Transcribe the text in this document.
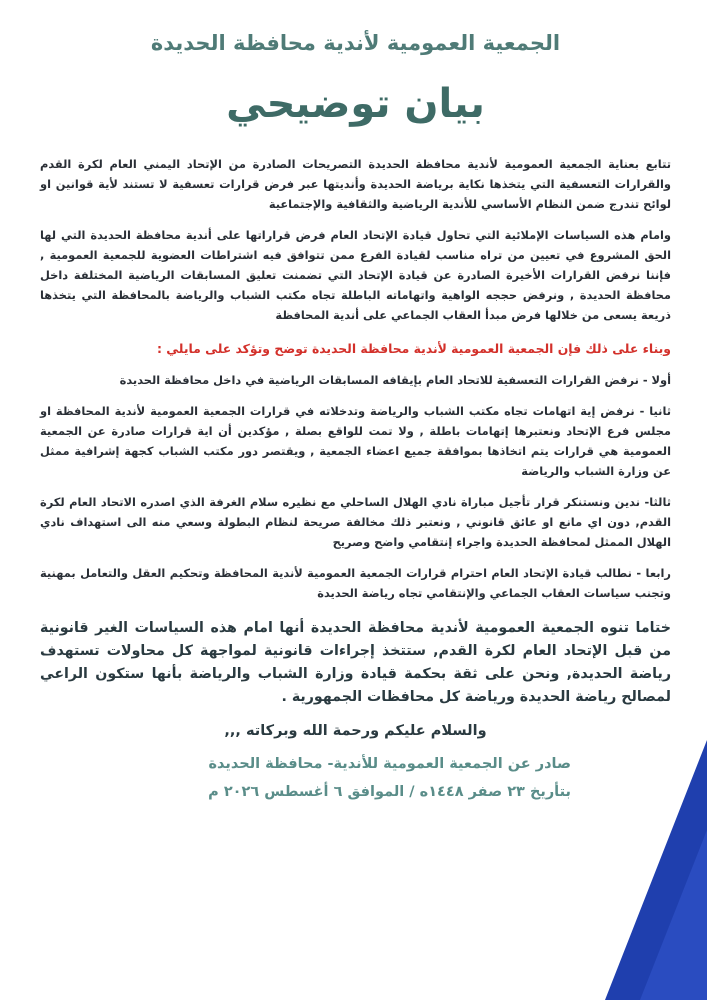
الجمعية العمومية لأندية محافظة الحديدة
بيان توضيحي

تتابع بعناية الجمعية العمومية لأندية محافظة الحديدة التصريحات الصادرة من الإتحاد اليمني العام لكرة القدم والقرارات التعسفية التي يتخذها نكاية برياضة الحديدة وأنديتها عبر فرض قرارات تعسفية لا تستند لأية قوانين او لوائح تندرج ضمن النظام الأساسي للأندية الرياضية والثقافية والإجتماعية

وامام هذه السياسات الإملائية التي تحاول قيادة الإتحاد العام فرض قراراتها على أندية محافظة الحديدة التي لها الحق المشروع في تعيين من تراه مناسب لقيادة الفرع ممن تتوافق فيه اشتراطات العضوية للجمعية العمومية , فإننا نرفض القرارات الأخيرة الصادرة عن قيادة الإتحاد التي تضمنت تعليق المسابقات الرياضية المختلفة داخل محافظة الحديدة , ونرفض حججه الواهية واتهاماته الباطلة تجاه مكتب الشباب والرياضة بالمحافظة التي يتخذها ذريعة يسعى من خلالها فرض مبدأ العقاب الجماعي على أندية المحافظة

وبناء على ذلك فإن الجمعية العمومية لأندية محافظة الحديدة توضح وتؤكد على مايلي :

أولا - نرفض القرارات التعسفية للاتحاد العام بإيقافه المسابقات الرياضية في داخل محافظة الحديدة

ثانيا - نرفض إية اتهامات تجاه مكتب الشباب والرياضة وتدخلاته في قرارات الجمعية العمومية لأندية المحافظة او مجلس فرع الإتحاد ونعتبرها إتهامات باطلة , ولا تمت للواقع بصلة , مؤكدين أن اية قرارات صادرة عن الجمعية العمومية هي قرارات يتم اتخاذها بموافقة جميع اعضاء الجمعية , ويقتصر دور مكتب الشباب كجهة إشرافية ممثل عن وزارة الشباب والرياضة

ثالثا- ندين ونستنكر قرار تأجيل مباراة نادي الهلال الساحلي مع نظيره سلام الغرفة الذي اصدره الاتحاد العام لكرة القدم, دون اي مانع او عائق قانوني , ونعتبر ذلك مخالفة صريحة لنظام البطولة وسعي منه الى استهداف نادي الهلال الممثل لمحافظة الحديدة واجراء إنتقامي واضح وصريح

رابعا - نطالب قيادة الإتحاد العام احترام قرارات الجمعية العمومية لأندية المحافظة وتحكيم العقل والتعامل بمهنية وتجنب سياسات العقاب الجماعي والإنتقامي تجاه رياضة الحديدة

ختاما تنوه الجمعية العمومية لأندية محافظة الحديدة أنها امام هذه السياسات الغير قانونية من قبل الإتحاد العام لكرة القدم, ستتخذ إجراءات قانونية لمواجهة كل محاولات تستهدف رياضة الحديدة, ونحن على ثقة بحكمة قيادة وزارة الشباب والرياضة بأنها ستكون الراعي لمصالح رياضة الحديدة ورياضة كل محافظات الجمهورية .

والسلام عليكم ورحمة الله وبركاته ,,,
صادر عن الجمعية العمومية للأندية- محافظة الحديدة
بتأريخ ٢٣ صفر ١٤٤٨ه / الموافق ٦ أغسطس ٢٠٢٦ م
